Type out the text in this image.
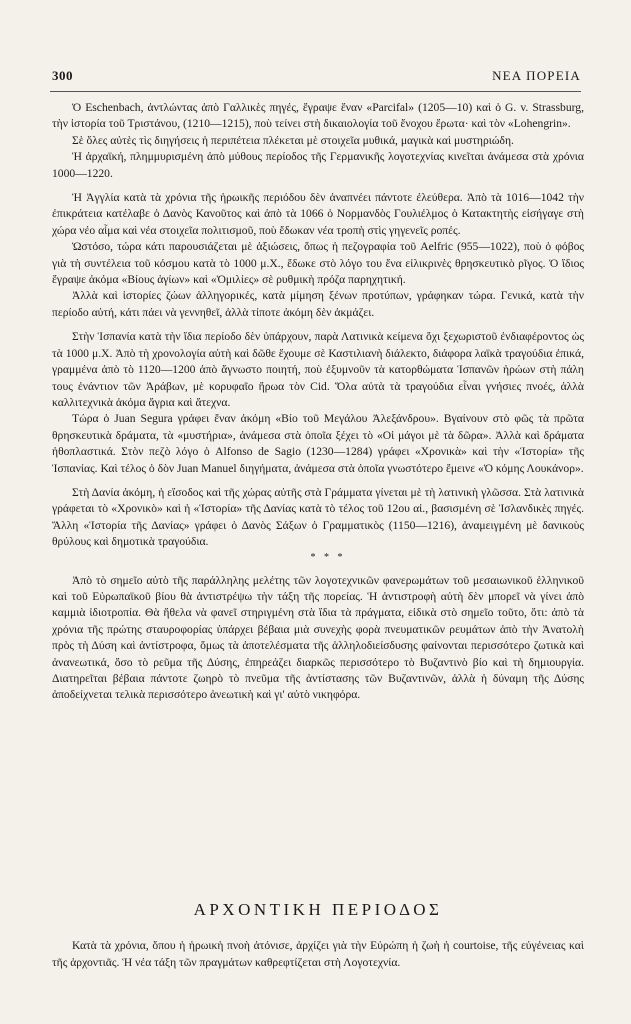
300	ΝΕΑ ΠΟΡΕΙΑ

Ὁ Eschenbach, ἀντλώντας ἀπὸ Γαλλικὲς πηγές, ἔγραψε ἕναν «Parcifal» (1205—10) καὶ ὁ G. v. Strassburg, τὴν ἱστορία τοῦ Τριστάνου, (1210—1215), ποὺ τείνει στὴ δικαιολογία τοῦ ἔνοχου ἔρωτα· καὶ τὸν «Lohengrin».

Σὲ ὅλες αὐτὲς τὶς διηγήσεις ἡ περιπέτεια πλέκεται μὲ στοιχεῖα μυθικά, μαγικὰ καὶ μυστηριώδη.

Ἡ ἀρχαϊκή, πλημμυρισμένη ἀπὸ μύθους περίοδος τῆς Γερμανικῆς λογοτεχνίας κινεῖται ἀνάμεσα στὰ χρόνια 1000—1220.

Ἡ Ἀγγλία κατὰ τὰ χρόνια τῆς ἡρωικῆς περιόδου δὲν ἀναπνέει πάντοτε ἐλεύθερα. Ἀπὸ τὰ 1016—1042 τὴν ἐπικράτεια κατέλαβε ὁ Δανὸς Κανοῦτος καὶ ἀπὸ τὰ 1066 ὁ Νορμανδὸς Γουλιέλμος ὁ Κατακτητὴς εἰσήγαγε στὴ χώρα νέο αἷμα καὶ νέα στοιχεῖα πολιτισμοῦ, ποὺ ἔδωκαν νέα τροπὴ στὶς γηγενεῖς ροπές.

Ὡστόσο, τώρα κάτι παρουσιάζεται μὲ ἀξιώσεις, ὅπως ἡ πεζογραφία τοῦ Aelfric (955—1022), ποὺ ὁ φόβος γιὰ τὴ συντέλεια τοῦ κόσμου κατὰ τὸ 1000 μ.Χ., ἔδωκε στὸ λόγο του ἕνα εἰλικρινὲς θρησκευτικὸ ρῖγος. Ὁ ἴδιος ἔγραψε ἀκόμα «Βίους ἁγίων» καὶ «Ὁμιλίες» σὲ ρυθμικὴ πρόζα παρηχητική.

Ἀλλὰ καὶ ἱστορίες ζώων ἀλληγορικές, κατὰ μίμηση ξένων προτύπων, γράφηκαν τώρα. Γενικά, κατὰ τὴν περίοδο αὐτή, κάτι πάει νὰ γεννηθεῖ, ἀλλὰ τίποτε ἀκόμη δὲν ἀκμάζει.

Στὴν Ἱσπανία κατὰ τὴν ἴδια περίοδο δὲν ὑπάρχουν, παρὰ Λατινικὰ κείμενα ὄχι ξεχωριστοῦ ἐνδιαφέροντος ὡς τὰ 1000 μ.Χ. Ἀπὸ τὴ χρονολογία αὐτὴ καὶ δῶθε ἔχουμε σὲ Καστιλιανὴ διάλεκτο, διάφορα λαϊκὰ τραγούδια ἐπικά, γραμμένα ἀπὸ τὸ 1120—1200 ἀπὸ ἄγνωστο ποιητή, ποὺ ἐξυμνοῦν τὰ κατορθώματα Ἱσπανῶν ἡρώων στὴ πάλη τους ἐνάντιον τῶν Ἀράβων, μὲ κορυφαῖο ἥρωα τὸν Cid. Ὅλα αὐτὰ τὰ τραγούδια εἶναι γνήσιες πνοές, ἀλλὰ καλλιτεχνικὰ ἀκόμα ἄγρια καὶ ἄτεχνα.

Τώρα ὁ Juan Segura γράφει ἕναν ἀκόμη «Βίο τοῦ Μεγάλου Ἀλεξάνδρου». Βγαίνουν στὸ φῶς τὰ πρῶτα θρησκευτικὰ δράματα, τὰ «μυστήρια», ἀνάμεσα στὰ ὁποῖα ξέχει τὸ «Οἱ μάγοι μὲ τὰ δῶρα». Ἀλλὰ καὶ δράματα ἠθοπλαστικά. Στὸν πεζὸ λόγο ὁ Alfonso de Sagio (1230—1284) γράφει «Χρονικὰ» καὶ τὴν «Ἱστορία» τῆς Ἱσπανίας. Καὶ τέλος ὁ δὸν Juan Manuel διηγήματα, ἀνάμεσα στὰ ὁποῖα γνωστότερο ἔμεινε «Ὁ κόμης Λουκάνορ».

Στὴ Δανία ἀκόμη, ἡ εἴσοδος καὶ τῆς χώρας αὐτῆς στὰ Γράμματα γίνεται μὲ τὴ λατινικὴ γλῶσσα. Στὰ λατινικὰ γράφεται τὸ «Χρονικὸ» καὶ ἡ «Ἱστορία» τῆς Δανίας κατὰ τὸ τέλος τοῦ 12ου αἰ., βασισμένη σὲ Ἰσλανδικὲς πηγές. Ἄλλη «Ἱστορία τῆς Δανίας» γράφει ὁ Δανὸς Σάξων ὁ Γραμματικὸς (1150—1216), ἀναμειγμένη μὲ δανικοὺς θρύλους καὶ δημοτικὰ τραγούδια.

* * *

Ἀπὸ τὸ σημεῖο αὐτὸ τῆς παράλληλης μελέτης τῶν λογοτεχνικῶν φανερωμάτων τοῦ μεσαιωνικοῦ ἑλληνικοῦ καὶ τοῦ Εὐρωπαϊκοῦ βίου θὰ ἀντιστρέψω τὴν τάξη τῆς πορείας. Ἡ ἀντιστροφὴ αὐτὴ δὲν μπορεῖ νὰ γίνει ἀπὸ καμμιὰ ἰδιοτροπία. Θὰ ἤθελα νὰ φανεῖ στηριγμένη στὰ ἴδια τὰ πράγματα, εἰδικὰ στὸ σημεῖο τοῦτο, ὅτι: ἀπὸ τὰ χρόνια τῆς πρώτης σταυροφορίας ὑπάρχει βέβαια μιὰ συνεχὴς φορὰ πνευματικῶν ρευμάτων ἀπὸ τὴν Ἀνατολὴ πρὸς τὴ Δύση καὶ ἀντίστροφα, ὅμως τὰ ἀποτελέσματα τῆς ἀλληλοδιείσδυσης φαίνονται περισσότερο ζωτικὰ καὶ ἀνανεωτικά, ὅσο τὸ ρεῦμα τῆς Δύσης, ἐπηρεάζει διαρκῶς περισσότερο τὸ Βυζαντινὸ βίο καὶ τὴ δημιουργία. Διατηρεῖται βέβαια πάντοτε ζωηρὸ τὸ πνεῦμα τῆς ἀντίστασης τῶν Βυζαντινῶν, ἀλλὰ ἡ δύναμη τῆς Δύσης ἀποδείχνεται τελικὰ περισσότερο ἀνεωτικὴ καὶ γι' αὐτὸ νικηφόρα.

ΑΡΧΟΝΤΙΚΗ ΠΕΡΙΟΔΟΣ

Κατὰ τὰ χρόνια, ὅπου ἡ ἡρωικὴ πνοὴ ἀτόνισε, ἀρχίζει γιὰ τὴν Εὐρώπη ἡ ζωὴ ἡ courtoise, τῆς εὐγένειας καὶ τῆς ἀρχοντιᾶς. Ἡ νέα τάξη τῶν πραγμάτων καθρεφτίζεται στὴ Λογοτεχνία.
